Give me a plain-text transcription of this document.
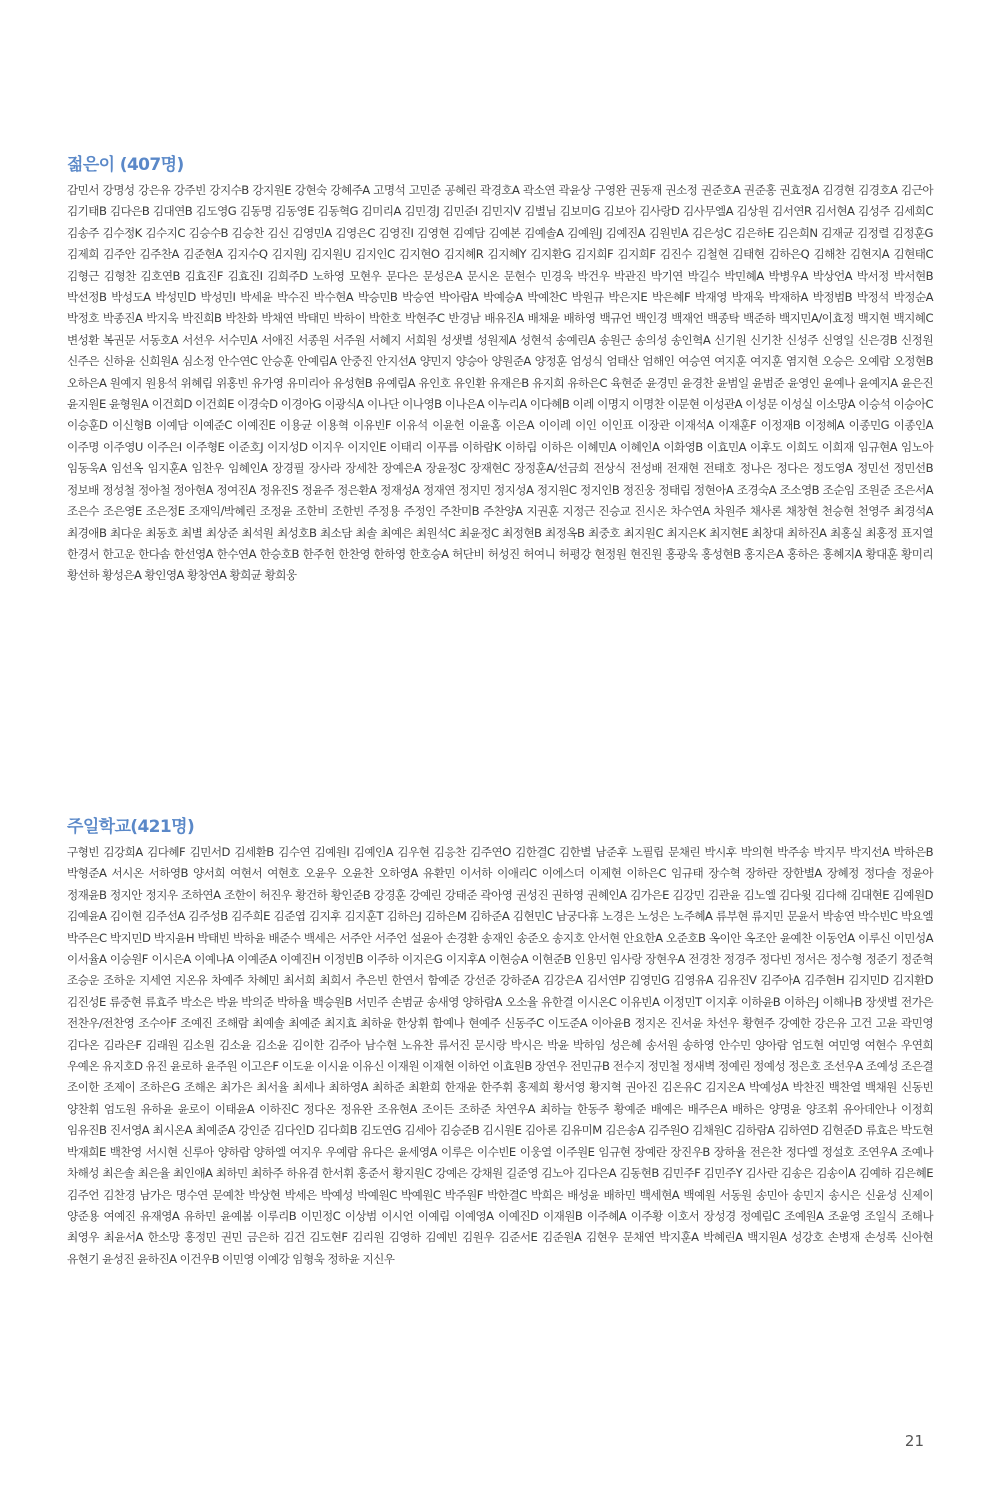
젊은이 (407명)

감민서 강명성 강은유 강주빈 강지수B 강지원E 강현숙 강혜주A 고명석 고민준 공혜린 곽경호A 곽소연 곽윤상 구영완 권동재 권소정 권준호A 권준홍 권효정A 김경현 김경호A 김근아 김기태B 김다은B 김대연B 김도영G 김동명 김동영E 김동혁G 김미리A 김민경J 김민준I 김민지V 김별님 김보미G 김보아 김사랑D 김사무엘A 김상원 김서연R 김서현A 김성주 김세희C 김송주 김수정K 김수지C 김승수B 김승찬 김신 김영민A 김영은C 김영진I 김영현 김예담 김예본 김예솔A 김예원J 김예진A 김원빈A 김은성C 김은하E 김은희N 김재균 김정렬 김정훈G 김제희 김주안 김주찬A 김준현A 김지수Q 김지원J 김지원U 김지인C 김지현O 김지혜R 김지혜Y 김지환G 김지희F 김지희F 김진수 김철현 김태현 김하은Q 김해찬 김현지A 김현태C 김형근 김형찬 김호연B 김효진F 김효진I 김희주D 노하영 모현우 문다은 문성은A 문시온 문현수 민경욱 박건우 박관진 박기연 박길수 박민혜A 박병우A 박상언A 박서정 박서현B 박선정B 박성도A 박성민D 박성민I 박세윤 박수진 박수현A 박승민B 박승연 박아람A 박예승A 박예찬C 박원규 박은지E 박은혜F 박재영 박재욱 박재하A 박정범B 박정석 박정순A 박정호 박종진A 박지욱 박진희B 박찬화 박채연 박태민 박하이 박한호 박현주C 반경남 배유진A 배채윤 배하영 백규언 백인경 백재언 백종탁 백준하 백지민A/이효정 백지현 백지혜C 변성환 복권문 서동호A 서선우 서수민A 서애진 서종원 서주원 서혜지 서희원 성샛별 성원제A 성현석 송예린A 송원근 송의성 송인혁A 신기원 신기찬 신성주 신영일 신은경B 신정원 신주은 신하윤 신희원A 심소정 안수연C 안승훈 안예림A 안중진 안지선A 양민지 양승아 양원준A 양정훈 엄성식 엄태산 엄해인 여승연 여지훈 여지훈 염지현 오승은 오예람 오정현B 오하은A 원예지 원용석 위혜림 위홍빈 유가영 유미리아 유성현B 유예림A 유인호 유인환 유재은B 유지희 유하은C 육현준 윤경민 윤경찬 윤범일 윤범준 윤영인 윤예나 윤예지A 윤은진 윤지원E 윤형원A 이건희D 이건희E 이경숙D 이경아G 이광식A 이나단 이나영B 이나은A 이누리A 이다혜B 이레 이명지 이명찬 이문현 이성관A 이성문 이성실 이소망A 이승석 이승아C 이승훈D 이신형B 이예담 이예준C 이예진E 이용균 이용혁 이유빈F 이유석 이윤헌 이윤홈 이은A 이이레 이인 이인표 이장관 이재석A 이재훈F 이정재B 이정혜A 이종민G 이종인A 이주명 이주영U 이주은I 이주형E 이준호J 이지성D 이지우 이지인E 이태리 이푸름 이하람K 이하림 이하은 이혜민A 이혜인A 이화영B 이효민A 이후도 이희도 이희재 임규현A 임노아 임동욱A 임선옥 임지훈A 임찬우 임혜인A 장경필 장사라 장세찬 장예은A 장윤정C 장재현C 장정훈A/선금희 전상식 전성배 전재현 전태호 정나은 정다은 정도영A 정민선 정민선B 정보배 정성철 정아철 정아현A 정여진A 정유진S 정윤주 정은환A 정재성A 정재연 정지민 정지성A 정지원C 정지인B 정진웅 정태림 정현아A 조경숙A 조소영B 조순임 조원준 조은서A 조은수 조은영E 조은정E 조재익/박혜린 조정윤 조한비 조한빈 주정용 주정인 주찬미B 주찬양A 지권훈 지정근 진승교 진시온 차수연A 차원주 채사론 채창현 천승현 천영주 최경석A 최경애B 최다운 최동호 최별 최상준 최석원 최성호B 최소담 최솔 최예은 최원석C 최윤정C 최정현B 최정옥B 최중호 최지원C 최지은K 최지현E 최창대 최하진A 최홍실 최홍정 표지열 한경서 한고운 한다솜 한선영A 한수연A 한승호B 한주헌 한찬영 한하영 한호승A 허단비 허성진 허여니 허평강 현정원 현진원 홍광욱 홍성현B 홍지은A 홍하은 홍혜지A 황대훈 황미리 황선하 황성은A 황인영A 황창연A 황희균 황희웅

주일학교(421명)

구형빈 김강희A 김다혜F 김민서D 김세환B 김수연 김예원I 김예인A 김우현 김응찬 김주연O 김한결C 김한별 남준후 노필립 문채린 박시후 박의현 박주송 박지무 박지선A 박하은B 박형준A 서시온 서하영B 양서희 여현서 여현호 오윤우 오윤찬 오하영A 유환민 이서하 이애리C 이에스더 이제현 이하은C 임규태 장수혁 장하란 장한별A 장혜정 정다솔 정윤아 정재윤B 정지안 정지우 조하연A 조한이 허진우 황건하 황인준B 강경훈 강예린 강태준 곽아영 권성진 권하영 권혜인A 김가은E 김강민 김관윤 김노엘 김다윗 김다해 김대현E 김예원D 김예윤A 김이현 김주선A 김주성B 김주희E 김준엽 김지후 김지훈T 김하은J 김하은M 김하준A 김현민C 남궁다휴 노경은 노성은 노주혜A 류부현 류지민 문윤서 박송연 박수빈C 박요엘 박주은C 박지민D 박지윤H 박태빈 박하윤 배준수 백세은 서주안 서주언 설윤아 손경환 송재인 송준오 송지호 안서현 안요한A 오준호B 옥이안 옥조안 윤예찬 이동언A 이루신 이민성A 이서율A 이승원F 이시은A 이예나A 이예준A 이예진H 이정빈B 이주하 이지은G 이지후A 이현승A 이현준B 인용민 임사랑 장현우A 전경찬 정경주 정다빈 정서은 정수형 정준기 정준혁 조승운 조하운 지세연 지온유 차예주 차혜민 최서희 최희서 추은빈 한연서 함예준 강선준 강하준A 김강은A 김서연P 김영민G 김영유A 김유진V 김주아A 김주현H 김지민D 김지환D 김진성E 류중현 류효주 박소은 박윤 박의준 박하율 백승원B 서민주 손범균 송새영 양하람A 오소율 유한결 이시온C 이유빈A 이정민T 이지후 이하윤B 이하은J 이해나B 장샛별 전가은 전찬우/전찬영 조수아F 조예진 조해람 최예솔 최예준 최지효 최하윤 한상휘 함예나 현예주 신동주C 이도준A 이아윤B 정지온 진서윤 차선우 황현주 강예한 강은유 고건 고윤 곽민영 김다온 김라은F 김래원 김소원 김소윤 김소윤 김이한 김주아 남수현 노유찬 류서진 문시랑 박시은 박윤 박하임 성은혜 송서원 송하영 안수민 양아람 엄도현 여민영 여현수 우연희 우예온 유지호D 유진 윤로하 윤주원 이고은F 이도윤 이시윤 이유신 이재원 이재현 이하언 이효원B 장연우 전민규B 전수지 정민철 정새벽 정예린 정예성 정은호 조선우A 조예성 조은결 조이한 조제이 조하은G 조해온 최가은 최서율 최세나 최하영A 최하준 최환희 한재윤 한주휘 홍제희 황서영 황지혁 권아진 김온유C 김지온A 박예성A 박찬진 백찬열 백채원 신동빈 양찬휘 엄도원 유하윤 윤로이 이태윤A 이하진C 정다온 정유완 조유현A 조이든 조하준 차연우A 최하늘 한동주 황예준 배예은 배주은A 배하은 양명윤 양조휘 유아데안나 이정희 임유진B 진서영A 최시온A 최예준A 강인준 김다인D 김다희B 김도연G 김세아 김승준B 김시원E 김아론 김유미M 김은송A 김주원O 김채원C 김하람A 김하연D 김현준D 류효은 박도현 박재희E 백찬영 서시현 신루아 양하람 양하엘 여지우 우예람 유다은 윤세영A 이루은 이수빈E 이웅열 이주원E 임규현 장예란 장진우B 장하율 전은찬 정다엘 정설호 조연우A 조예나 차해성 최은솔 최은율 최인애A 최하민 최하주 하유겸 한서휘 홍준서 황지원C 강예은 강채원 길준영 김노아 김다은A 김동현B 김민주F 김민주Y 김사란 김송은 김송이A 김예하 김은혜E 김주언 김찬경 남가은 명수연 문예찬 박상현 박세은 박예성 박예원C 박예원C 박주원F 박한결C 박희은 배성윤 배하민 백세현A 백예원 서동원 송민아 송민지 송시은 신윤성 신제이 양준용 여예진 유재영A 유하민 윤예봄 이루리B 이민정C 이상범 이시언 이예림 이예영A 이예진D 이재원B 이주혜A 이주황 이호서 장성경 정예림C 조예원A 조윤영 조일식 조해나 최영우 최윤서A 한소망 홍정민 권민 금은하 김건 김도현F 김리원 김영하 김예빈 김원우 김준서E 김준원A 김현우 문채연 박지훈A 박혜린A 백지원A 성강호 손병재 손성록 신아현 유현기 윤성진 윤하진A 이건우B 이민영 이예강 임형욱 정하윤 지신우

21
